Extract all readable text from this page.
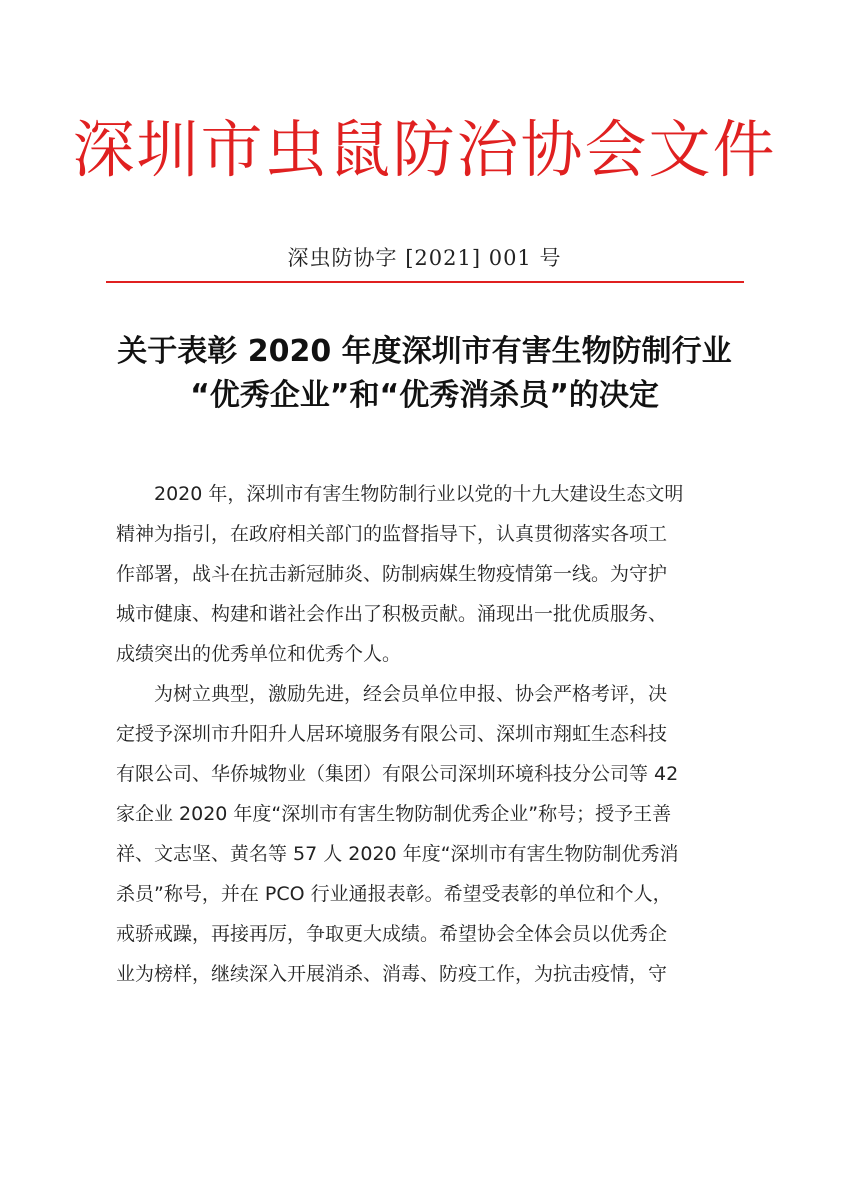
深圳市虫鼠防治协会文件
深虫防协字 [2021] 001 号
关于表彰 2020 年度深圳市有害生物防制行业
“优秀企业”和“优秀消杀员”的决定
2020 年，深圳市有害生物防制行业以党的十九大建设生态文明
精神为指引，在政府相关部门的监督指导下，认真贯彻落实各项工
作部署，战斗在抗击新冠肺炎、防制病媒生物疫情第一线。为守护
城市健康、构建和谐社会作出了积极贡献。涌现出一批优质服务、
成绩突出的优秀单位和优秀个人。
为树立典型，激励先进，经会员单位申报、协会严格考评，决
定授予深圳市升阳升人居环境服务有限公司、深圳市翔虹生态科技
有限公司、华侨城物业（集团）有限公司深圳环境科技分公司等 42
家企业 2020 年度“深圳市有害生物防制优秀企业”称号；授予王善
祥、文志坚、黄名等 57 人 2020 年度“深圳市有害生物防制优秀消
杀员”称号，并在 PCO 行业通报表彰。希望受表彰的单位和个人，
戒骄戒躁，再接再厉，争取更大成绩。希望协会全体会员以优秀企
业为榜样，继续深入开展消杀、消毒、防疫工作，为抗击疫情，守
